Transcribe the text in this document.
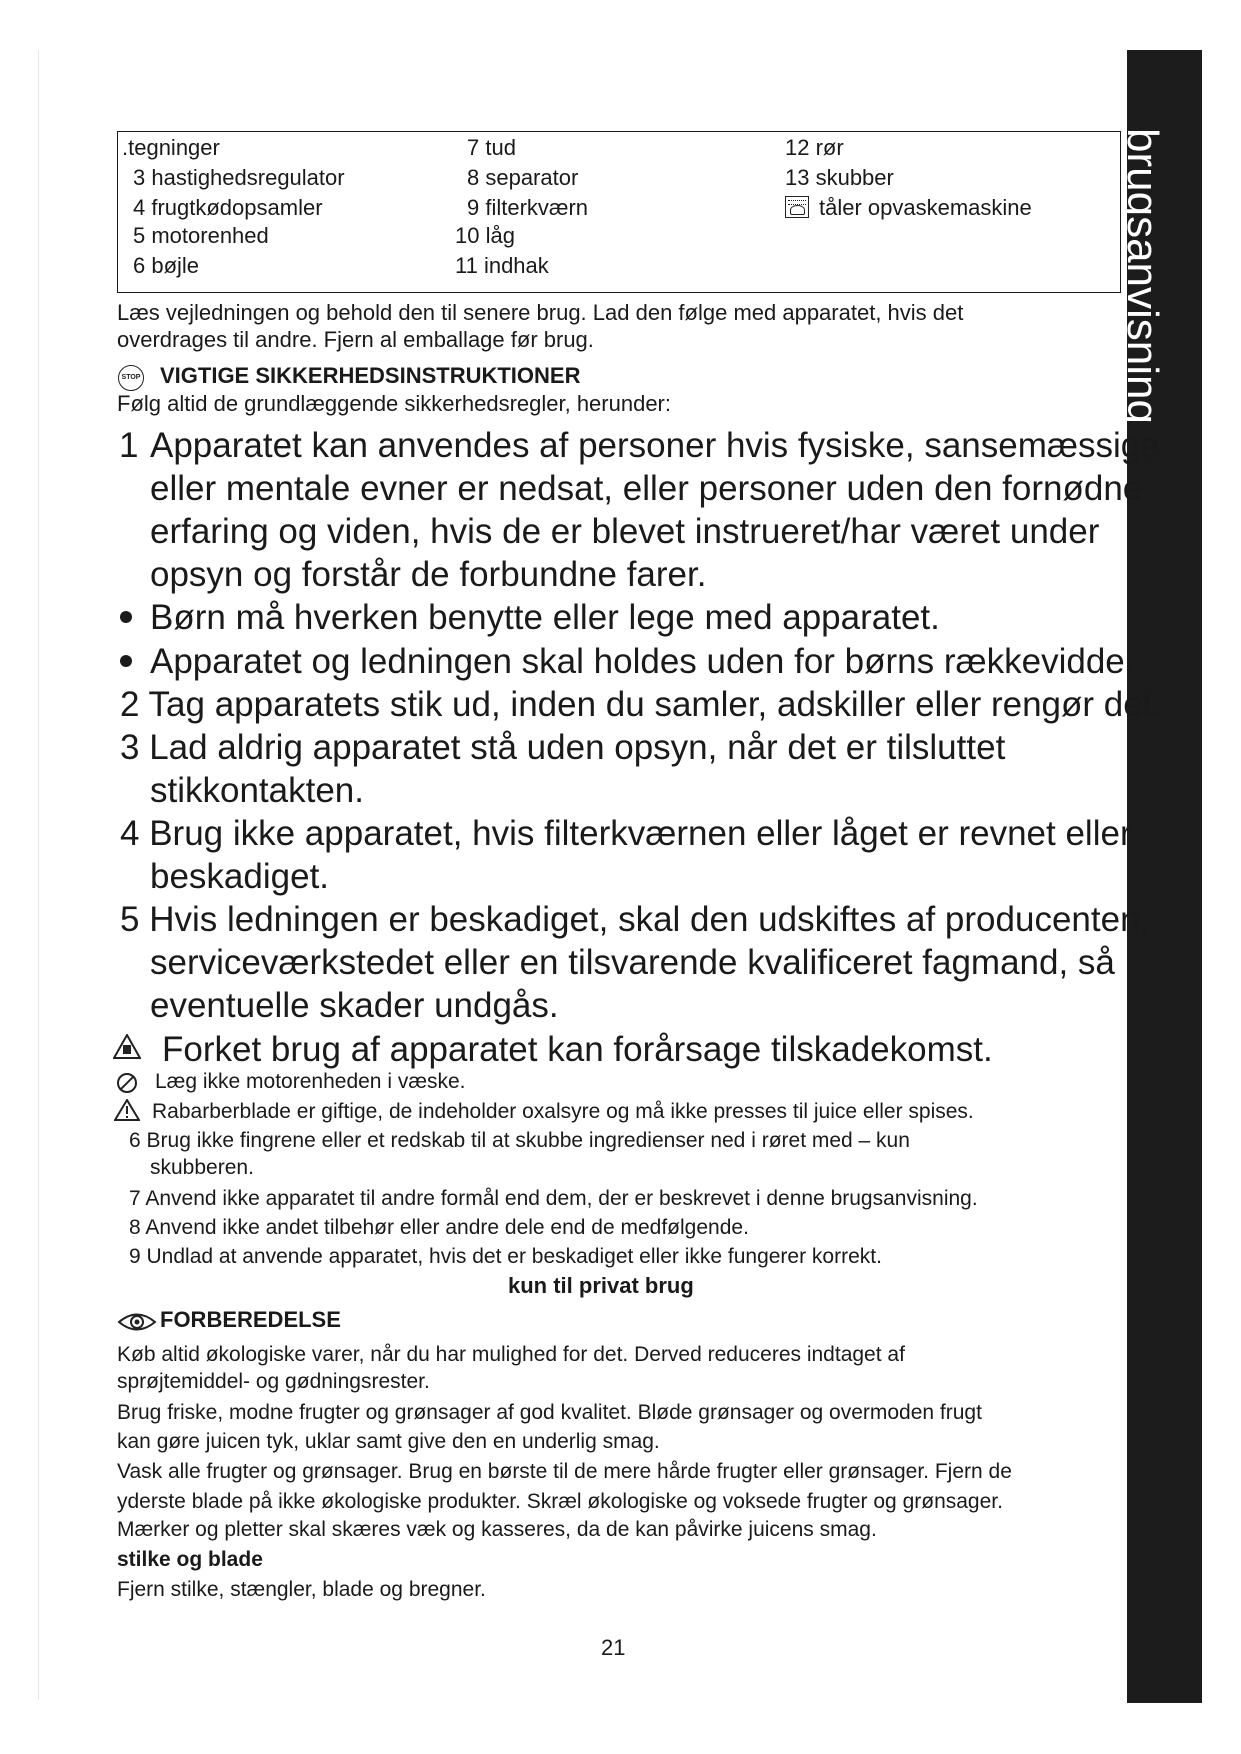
brugsanvisning
.tegninger
3 hastighedsregulator
4 frugtkødopsamler
5 motorenhed
6 bøjle
7 tud
8 separator
9 filterkværn
10 låg
11 indhak
12 rør
13 skubber
tåler opvaskemaskine
Læs vejledningen og behold den til senere brug. Lad den følge med apparatet, hvis det
overdrages til andre. Fjern al emballage før brug.
STOP VIGTIGE SIKKERHEDSINSTRUKTIONER
Følg altid de grundlæggende sikkerhedsregler, herunder:
1 Apparatet kan anvendes af personer hvis fysiske, sansemæssige
eller mentale evner er nedsat, eller personer uden den fornødne
erfaring og viden, hvis de er blevet instrueret/har været under
opsyn og forstår de forbundne farer.
Børn må hverken benytte eller lege med apparatet.
Apparatet og ledningen skal holdes uden for børns rækkevidde.
2 Tag apparatets stik ud, inden du samler, adskiller eller rengør det.
3 Lad aldrig apparatet stå uden opsyn, når det er tilsluttet
stikkontakten.
4 Brug ikke apparatet, hvis filterkværnen eller låget er revnet eller
beskadiget.
5 Hvis ledningen er beskadiget, skal den udskiftes af producenten,
serviceværkstedet eller en tilsvarende kvalificeret fagmand, så
eventuelle skader undgås.
Forket brug af apparatet kan forårsage tilskadekomst.
Læg ikke motorenheden i væske.
Rabarberblade er giftige, de indeholder oxalsyre og må ikke presses til juice eller spises.
6 Brug ikke fingrene eller et redskab til at skubbe ingredienser ned i røret med – kun
skubberen.
7 Anvend ikke apparatet til andre formål end dem, der er beskrevet i denne brugsanvisning.
8 Anvend ikke andet tilbehør eller andre dele end de medfølgende.
9 Undlad at anvende apparatet, hvis det er beskadiget eller ikke fungerer korrekt.
kun til privat brug
FORBEREDELSE
Køb altid økologiske varer, når du har mulighed for det. Derved reduceres indtaget af
sprøjtemiddel- og gødningsrester.
Brug friske, modne frugter og grønsager af god kvalitet. Bløde grønsager og overmoden frugt
kan gøre juicen tyk, uklar samt give den en underlig smag.
Vask alle frugter og grønsager. Brug en børste til de mere hårde frugter eller grønsager. Fjern de
yderste blade på ikke økologiske produkter. Skræl økologiske og voksede frugter og grønsager.
Mærker og pletter skal skæres væk og kasseres, da de kan påvirke juicens smag.
stilke og blade
Fjern stilke, stængler, blade og bregner.
21
